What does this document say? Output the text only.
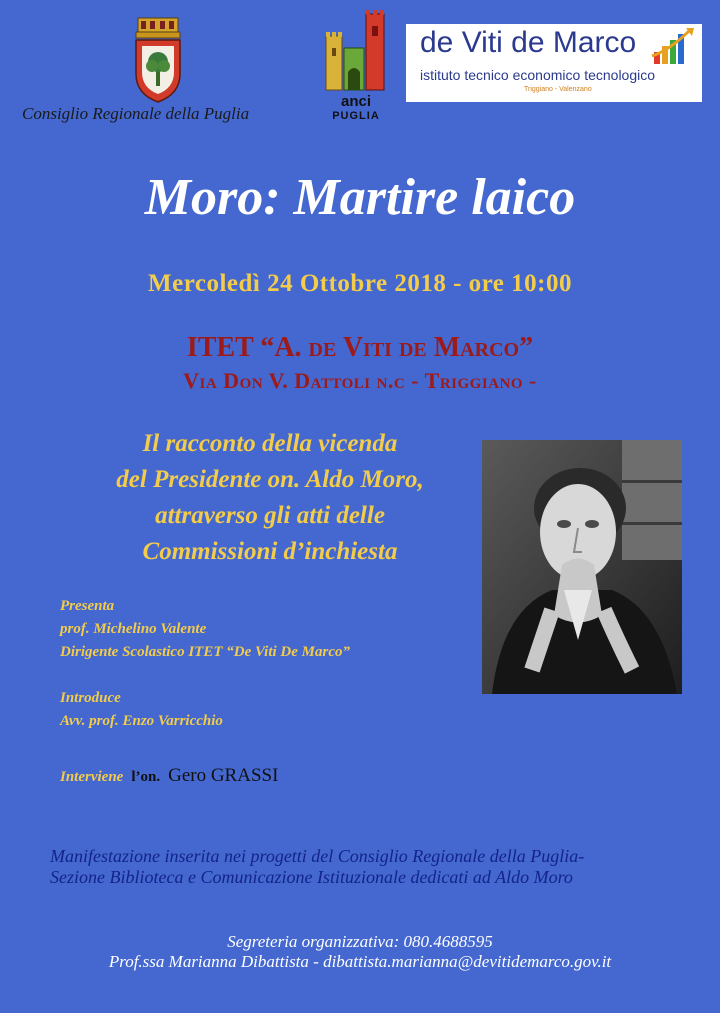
Consiglio Regionale della Puglia
anci
PUGLIA
de Viti de Marco
istituto tecnico economico tecnologico
Triggiano - Valenzano
Moro: Martire laico
Mercoledì 24 Ottobre 2018 - ore 10:00
ITET “A. de Viti de Marco”
Via Don V. Dattoli n.c - Triggiano -
Il racconto della vicenda
del Presidente on. Aldo Moro,
attraverso gli atti delle
Commissioni d’inchiesta
Presenta
prof. Michelino Valente
Dirigente Scolastico ITET “De Viti De Marco”
Introduce
Avv. prof. Enzo Varricchio
Interviene l’on. Gero GRASSI
Manifestazione inserita nei progetti del Consiglio Regionale della Puglia-
Sezione Biblioteca e Comunicazione Istituzionale dedicati ad Aldo Moro
Segreteria organizzativa: 080.4688595
Prof.ssa Marianna Dibattista - dibattista.marianna@devitidemarco.gov.it
